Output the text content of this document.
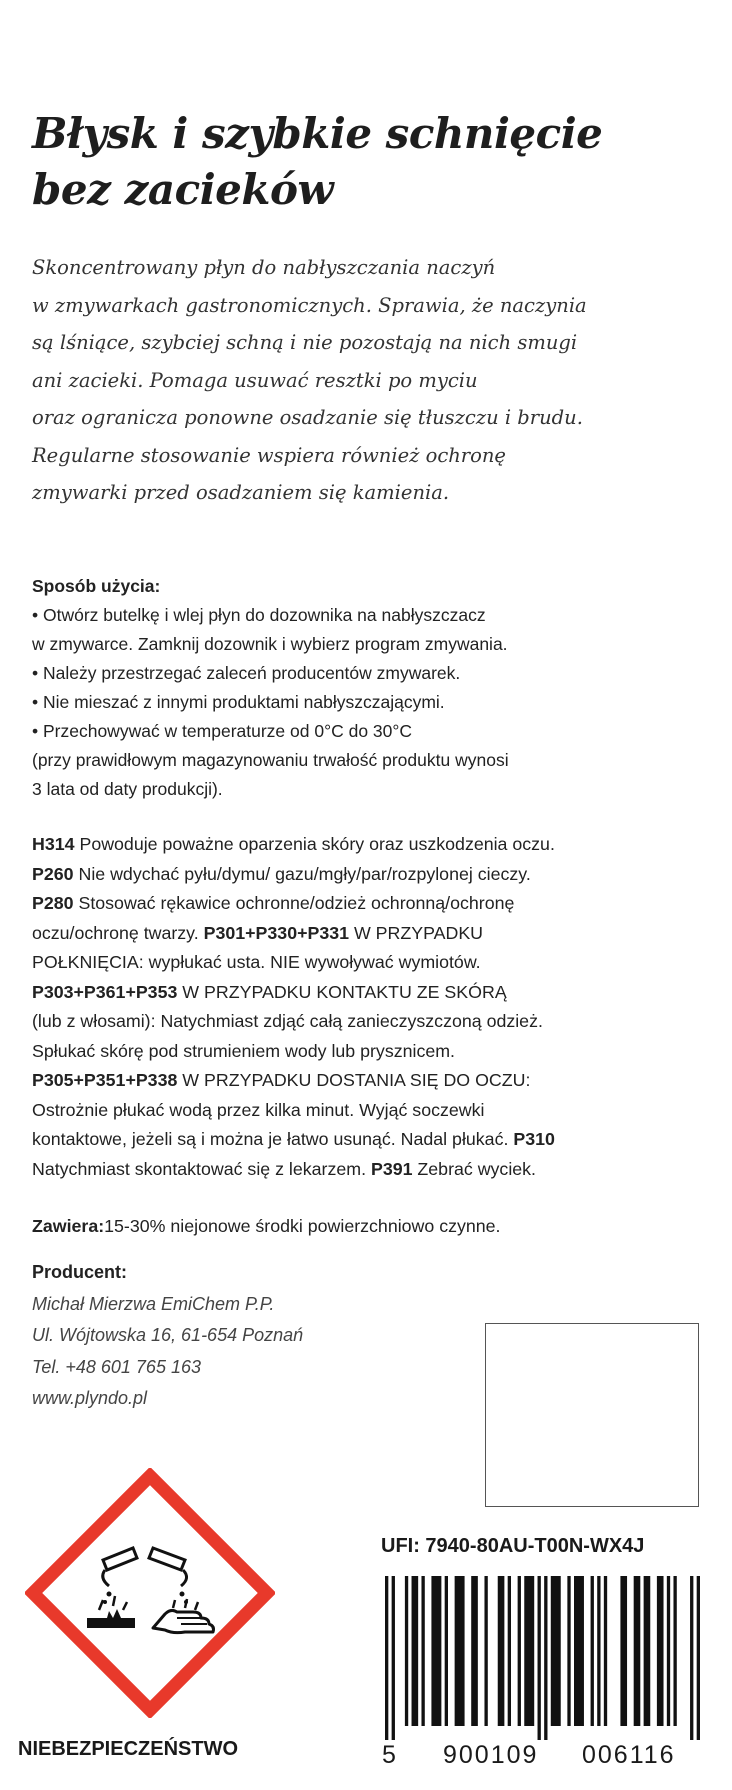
Błysk i szybkie schnięcie
bez zacieków

Skoncentrowany płyn do nabłyszczania naczyń
w zmywarkach gastronomicznych. Sprawia, że naczynia
są lśniące, szybciej schną i nie pozostają na nich smugi
ani zacieki. Pomaga usuwać resztki po myciu
oraz ogranicza ponowne osadzanie się tłuszczu i brudu.
Regularne stosowanie wspiera również ochronę
zmywarki przed osadzaniem się kamienia.

Sposób użycia:
• Otwórz butelkę i wlej płyn do dozownika na nabłyszczacz
w zmywarce. Zamknij dozownik i wybierz program zmywania.
• Należy przestrzegać zaleceń producentów zmywarek.
• Nie mieszać z innymi produktami nabłyszczającymi.
• Przechowywać w temperaturze od 0°C do 30°C
(przy prawidłowym magazynowaniu trwałość produktu wynosi
3 lata od daty produkcji).
H314 Powoduje poważne oparzenia skóry oraz uszkodzenia oczu.
P260 Nie wdychać pyłu/dymu/ gazu/mgły/par/rozpylonej cieczy.
P280 Stosować rękawice ochronne/odzież ochronną/ochronę
oczu/ochronę twarzy. P301+P330+P331 W PRZYPADKU
POŁKNIĘCIA: wypłukać usta. NIE wywoływać wymiotów.
P303+P361+P353 W PRZYPADKU KONTAKTU ZE SKÓRĄ
(lub z włosami): Natychmiast zdjąć całą zanieczyszczoną odzież.
Spłukać skórę pod strumieniem wody lub prysznicem.
P305+P351+P338 W PRZYPADKU DOSTANIA SIĘ DO OCZU:
Ostrożnie płukać wodą przez kilka minut. Wyjąć soczewki
kontaktowe, jeżeli są i można je łatwo usunąć. Nadal płukać. P310
Natychmiast skontaktować się z lekarzem. P391 Zebrać wyciek.
Zawiera:15-30% niejonowe środki powierzchniowo czynne.
Producent:
Michał Mierzwa EmiChem P.P.
Ul. Wójtowska 16, 61-654 Poznań
Tel. +48 601 765 163
www.plyndo.pl
UFI: 7940-80AU-T00N-WX4J
NIEBEZPIECZEŃSTWO	5 900109 006116
